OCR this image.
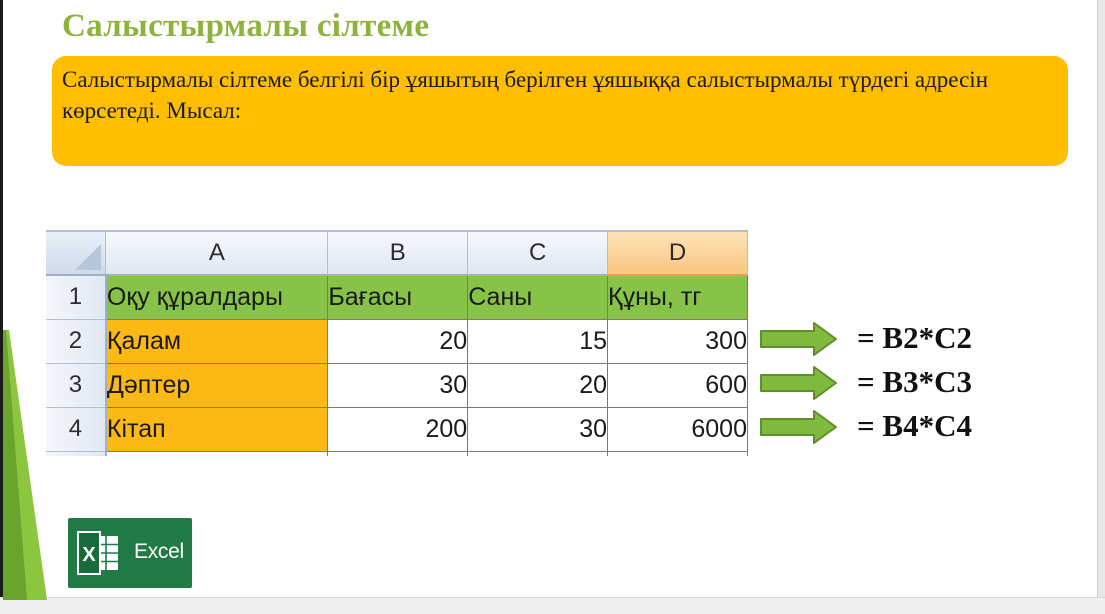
Салыстырмалы сілтеме

Салыстырмалы сілтеме белгілі бір ұяшытың берілген ұяшыққа салыстырмалы түрдегі адресін көрсетеді. Мысал:

	A	B	C	D
1	Оқу құралдары	Бағасы	Саны	Құны, тг
2	Қалам	20	15	300
3	Дәптер	30	20	600
4	Кітап	200	30	6000

= B2*C2
= B3*C3
= B4*C4
X Excel
